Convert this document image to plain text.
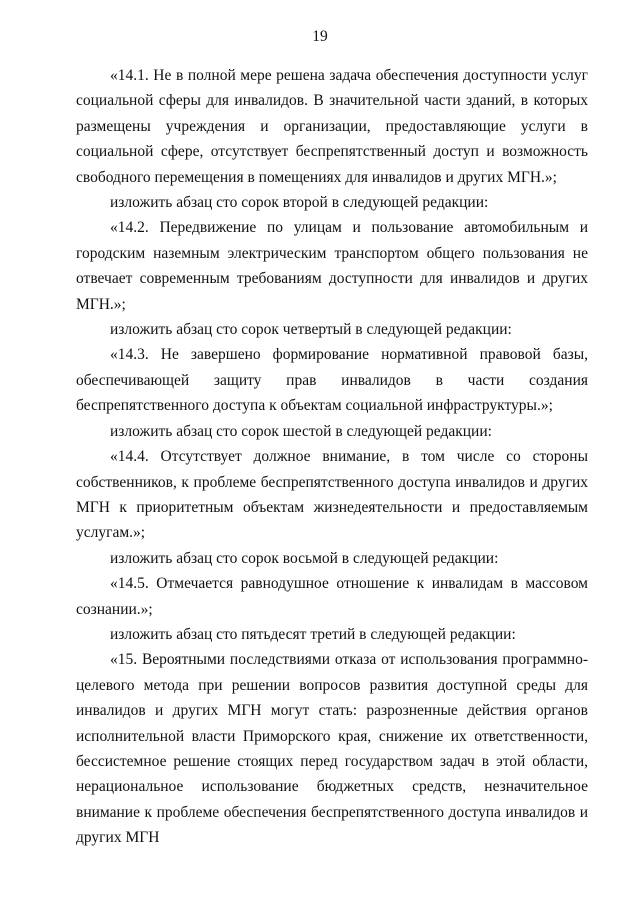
19

«14.1. Не в полной мере решена задача обеспечения доступности услуг социальной сферы для инвалидов. В значительной части зданий, в которых размещены учреждения и организации, предоставляющие услуги в социальной сфере, отсутствует беспрепятственный доступ и возможность свободного перемещения в помещениях для инвалидов и других МГН.»;

изложить абзац сто сорок второй в следующей редакции:

«14.2. Передвижение по улицам и пользование автомобильным и городским наземным электрическим транспортом общего пользования не отвечает современным требованиям доступности для инвалидов и других МГН.»;

изложить абзац сто сорок четвертый в следующей редакции:

«14.3. Не завершено формирование нормативной правовой базы, обеспечивающей защиту прав инвалидов в части создания беспрепятственного доступа к объектам социальной инфраструктуры.»;

изложить абзац сто сорок шестой в следующей редакции:

«14.4. Отсутствует должное внимание, в том числе со стороны собственников, к проблеме беспрепятственного доступа инвалидов и других МГН к приоритетным объектам жизнедеятельности и предоставляемым услугам.»;

изложить абзац сто сорок восьмой в следующей редакции:

«14.5. Отмечается равнодушное отношение к инвалидам в массовом сознании.»;

изложить абзац сто пятьдесят третий в следующей редакции:

«15. Вероятными последствиями отказа от использования программно-целевого метода при решении вопросов развития доступной среды для инвалидов и других МГН могут стать: разрозненные действия органов исполнительной власти Приморского края, снижение их ответственности, бессистемное решение стоящих перед государством задач в этой области, нерациональное использование бюджетных средств, незначительное внимание к проблеме обеспечения беспрепятственного доступа инвалидов и других МГН
